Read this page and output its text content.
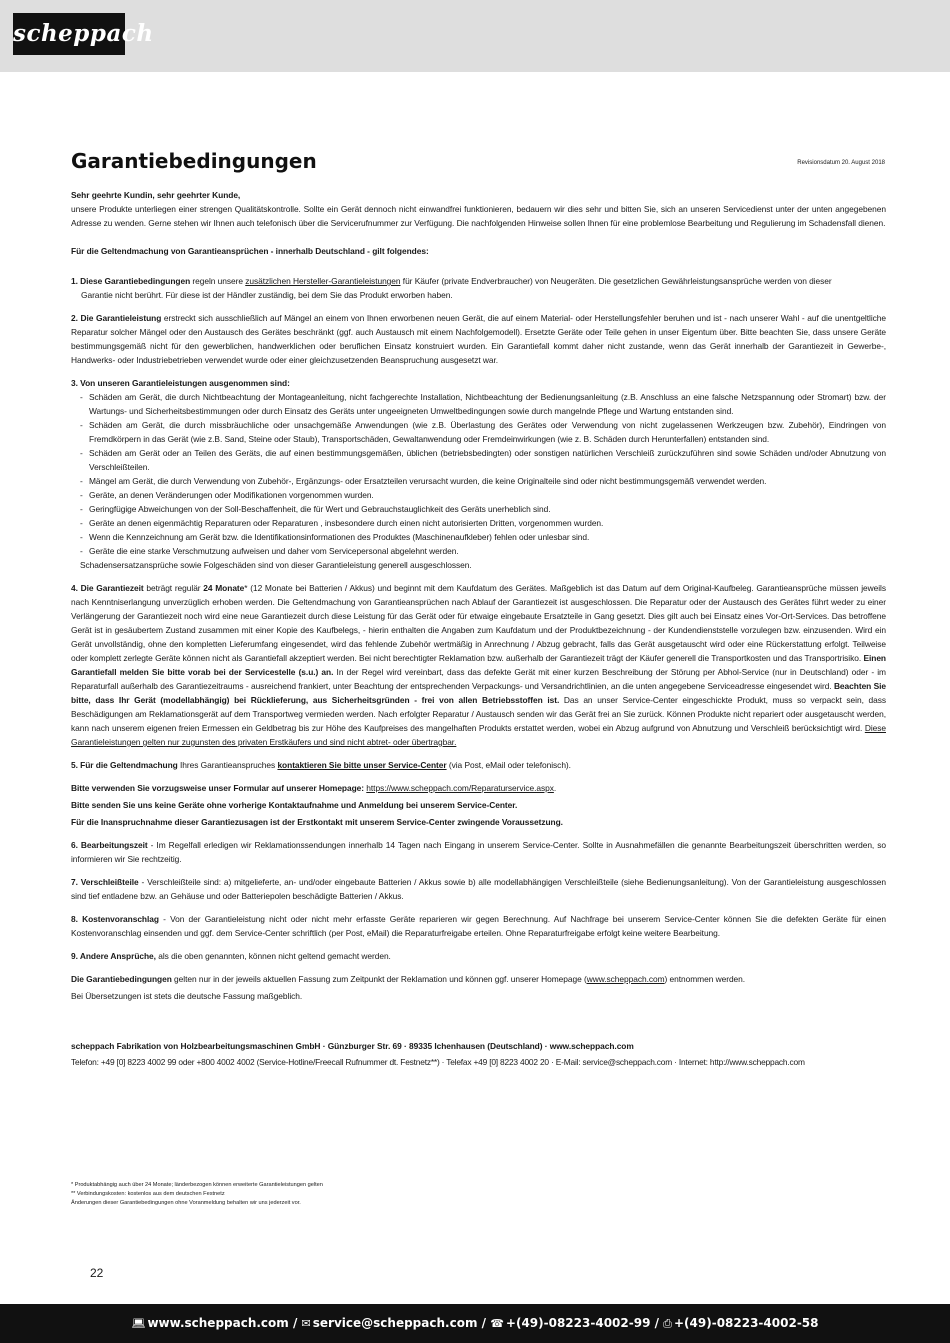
scheppach
Garantiebedingungen	Revisionsdatum 20. August 2018

Sehr geehrte Kundin, sehr geehrter Kunde,

unsere Produkte unterliegen einer strengen Qualitätskontrolle. Sollte ein Gerät dennoch nicht einwandfrei funktionieren, bedauern wir dies sehr und bitten Sie, sich an unseren Servicedienst unter der unten angegebenen Adresse zu wenden. Gerne stehen wir Ihnen auch telefonisch über die Servicerufnummer zur Verfügung. Die nachfolgenden Hinweise sollen Ihnen für eine problemlose Bearbeitung und Regulierung im Schadensfall dienen.

Für die Geltendmachung von Garantieansprüchen - innerhalb Deutschland - gilt folgendes:

1. Diese Garantiebedingungen regeln unsere zusätzlichen Hersteller-Garantieleistungen für Käufer (private Endverbraucher) von Neugeräten. Die gesetzlichen Gewährleistungsansprüche werden von dieser

Garantie nicht berührt. Für diese ist der Händler zuständig, bei dem Sie das Produkt erworben haben.

2. Die Garantieleistung erstreckt sich ausschließlich auf Mängel an einem von Ihnen erworbenen neuen Gerät, die auf einem Material- oder Herstellungsfehler beruhen und ist - nach unserer Wahl - auf die unentgeltliche Reparatur solcher Mängel oder den Austausch des Gerätes beschränkt (ggf. auch Austausch mit einem Nachfolgemodell). Ersetzte Geräte oder Teile gehen in unser Eigentum über. Bitte beachten Sie, dass unsere Geräte bestimmungsgemäß nicht für den gewerblichen, handwerklichen oder beruflichen Einsatz konstruiert wurden. Ein Garantiefall kommt daher nicht zustande, wenn das Gerät innerhalb der Garantiezeit in Gewerbe-, Handwerks- oder Industriebetrieben verwendet wurde oder einer gleichzusetzenden Beanspruchung ausgesetzt war.

3. Von unseren Garantieleistungen ausgenommen sind:

- Schäden am Gerät, die durch Nichtbeachtung der Montageanleitung, nicht fachgerechte Installation, Nichtbeachtung der Bedienungsanleitung (z.B. Anschluss an eine falsche Netzspannung oder Stromart) bzw. der Wartungs- und Sicherheitsbestimmungen oder durch Einsatz des Geräts unter ungeeigneten Umweltbedingungen sowie durch mangelnde Pflege und Wartung entstanden sind.
- Schäden am Gerät, die durch missbräuchliche oder unsachgemäße Anwendungen (wie z.B. Überlastung des Gerätes oder Verwendung von nicht zugelassenen Werkzeugen bzw. Zubehör), Eindringen von Fremdkörpern in das Gerät (wie z.B. Sand, Steine oder Staub), Transportschäden, Gewaltanwendung oder Fremdeinwirkungen (wie z. B. Schäden durch Herunterfallen) entstanden sind.
- Schäden am Gerät oder an Teilen des Geräts, die auf einen bestimmungsgemäßen, üblichen (betriebsbedingten) oder sonstigen natürlichen Verschleiß zurückzuführen sind sowie Schäden und/oder Abnutzung von Verschleißteilen.
- Mängel am Gerät, die durch Verwendung von Zubehör-, Ergänzungs- oder Ersatzteilen verursacht wurden, die keine Originalteile sind oder nicht bestimmungsgemäß verwendet werden.
- Geräte, an denen Veränderungen oder Modifikationen vorgenommen wurden.
- Geringfügige Abweichungen von der Soll-Beschaffenheit, die für Wert und Gebrauchstauglichkeit des Geräts unerheblich sind.
- Geräte an denen eigenmächtig Reparaturen oder Reparaturen , insbesondere durch einen nicht autorisierten Dritten, vorgenommen wurden.
- Wenn die Kennzeichnung am Gerät bzw. die Identifikationsinformationen des Produktes (Maschinenaufkleber) fehlen oder unlesbar sind.
- Geräte die eine starke Verschmutzung aufweisen und daher vom Servicepersonal abgelehnt werden.

Schadensersatzansprüche sowie Folgeschäden sind von dieser Garantieleistung generell ausgeschlossen.

4. Die Garantiezeit beträgt regulär 24 Monate* (12 Monate bei Batterien / Akkus) und beginnt mit dem Kaufdatum des Gerätes. Maßgeblich ist das Datum auf dem Original-Kaufbeleg. Garantieansprüche müssen jeweils nach Kenntniserlangung unverzüglich erhoben werden. Die Geltendmachung von Garantieansprüchen nach Ablauf der Garantiezeit ist ausgeschlossen. Die Reparatur oder der Austausch des Gerätes führt weder zu einer Verlängerung der Garantiezeit noch wird eine neue Garantiezeit durch diese Leistung für das Gerät oder für etwaige eingebaute Ersatzteile in Gang gesetzt. Dies gilt auch bei Einsatz eines Vor-Ort-Services. Das betroffene Gerät ist in gesäubertem Zustand zusammen mit einer Kopie des Kaufbelegs, - hierin enthalten die Angaben zum Kaufdatum und der Produktbezeichnung - der Kundendienststelle vorzulegen bzw. einzusenden. Wird ein Gerät unvollständig, ohne den kompletten Lieferumfang eingesendet, wird das fehlende Zubehör wertmäßig in Anrechnung / Abzug gebracht, falls das Gerät ausgetauscht wird oder eine Rückerstattung erfolgt. Teilweise oder komplett zerlegte Geräte können nicht als Garantiefall akzeptiert werden. Bei nicht berechtigter Reklamation bzw. außerhalb der Garantiezeit trägt der Käufer generell die Transportkosten und das Transportrisiko. Einen Garantiefall melden Sie bitte vorab bei der Servicestelle (s.u.) an. In der Regel wird vereinbart, dass das defekte Gerät mit einer kurzen Beschreibung der Störung per Abhol-Service (nur in Deutschland) oder - im Reparaturfall außerhalb des Garantiezeitraums - ausreichend frankiert, unter Beachtung der entsprechenden Verpackungs- und Versandrichtlinien, an die unten angegebene Serviceadresse eingesendet wird. Beachten Sie bitte, dass Ihr Gerät (modellabhängig) bei Rücklieferung, aus Sicherheitsgründen - frei von allen Betriebsstoffen ist. Das an unser Service-Center eingeschickte Produkt, muss so verpackt sein, dass Beschädigungen am Reklamationsgerät auf dem Transportweg vermieden werden. Nach erfolgter Reparatur / Austausch senden wir das Gerät frei an Sie zurück. Können Produkte nicht repariert oder ausgetauscht werden, kann nach unserem eigenen freien Ermessen ein Geldbetrag bis zur Höhe des Kaufpreises des mangelhaften Produkts erstattet werden, wobei ein Abzug aufgrund von Abnutzung und Verschleiß berücksichtigt wird. Diese Garantieleistungen gelten nur zugunsten des privaten Erstkäufers und sind nicht abtret- oder übertragbar.

5. Für die Geltendmachung Ihres Garantieanspruches kontaktieren Sie bitte unser Service-Center (via Post, eMail oder telefonisch).

Bitte verwenden Sie vorzugsweise unser Formular auf unserer Homepage: https://www.scheppach.com/Reparaturservice.aspx.

Bitte senden Sie uns keine Geräte ohne vorherige Kontaktaufnahme und Anmeldung bei unserem Service-Center.

Für die Inanspruchnahme dieser Garantiezusagen ist der Erstkontakt mit unserem Service-Center zwingende Voraussetzung.

6. Bearbeitungszeit - Im Regelfall erledigen wir Reklamationssendungen innerhalb 14 Tagen nach Eingang in unserem Service-Center. Sollte in Ausnahmefällen die genannte Bearbeitungszeit überschritten werden, so informieren wir Sie rechtzeitig.

7. Verschleißteile - Verschleißteile sind: a) mitgelieferte, an- und/oder eingebaute Batterien / Akkus sowie b) alle modellabhängigen Verschleißteile (siehe Bedienungsanleitung). Von der Garantieleistung ausgeschlossen sind tief entladene bzw. an Gehäuse und oder Batteriepolen beschädigte Batterien / Akkus.

8. Kostenvoranschlag - Von der Garantieleistung nicht oder nicht mehr erfasste Geräte reparieren wir gegen Berechnung. Auf Nachfrage bei unserem Service-Center können Sie die defekten Geräte für einen Kostenvoranschlag einsenden und ggf. dem Service-Center schriftlich (per Post, eMail) die Reparaturfreigabe erteilen. Ohne Reparaturfreigabe erfolgt keine weitere Bearbeitung.

9. Andere Ansprüche, als die oben genannten, können nicht geltend gemacht werden.

Die Garantiebedingungen gelten nur in der jeweils aktuellen Fassung zum Zeitpunkt der Reklamation und können ggf. unserer Homepage (www.scheppach.com) entnommen werden.

Bei Übersetzungen ist stets die deutsche Fassung maßgeblich.

scheppach Fabrikation von Holzbearbeitungsmaschinen GmbH · Günzburger Str. 69 · 89335 Ichenhausen (Deutschland) · www.scheppach.com

Telefon: +49 [0] 8223 4002 99 oder +800 4002 4002 (Service-Hotline/Freecall Rufnummer dt. Festnetz**) · Telefax +49 [0] 8223 4002 20 · E-Mail: service@scheppach.com · Internet: http://www.scheppach.com

* Produktabhängig auch über 24 Monate; länderbezogen können erweiterte Garantieleistungen gelten

** Verbindungskosten: kostenlos aus dem deutschen Festnetz

Änderungen dieser Garantiebedingungen ohne Voranmeldung behalten wir uns jederzeit vor.

22
💻︎ www.scheppach.com / ✉︎ service@scheppach.com / ☎︎ +(49)-08223-4002-99 / ⎙ +(49)-08223-4002-58
